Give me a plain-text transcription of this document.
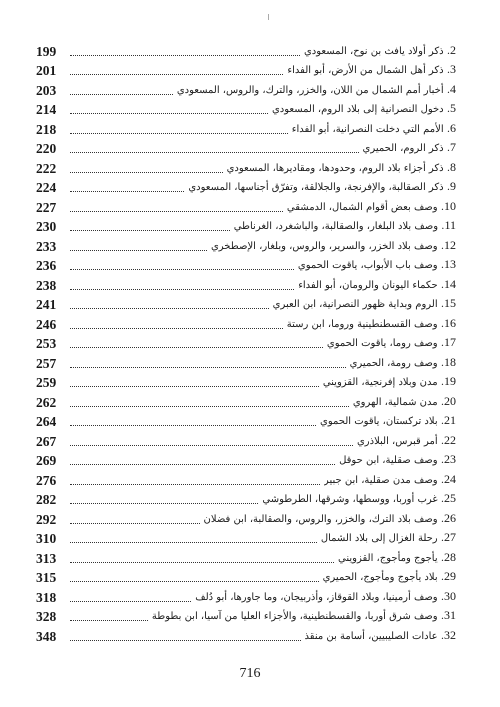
199	2. ذكر أولاد يافث بن نوح، المسعودي
201	3. ذكر أهل الشمال من الأرض، أبو الفداء
203	4. أخبار أمم الشمال من اللان، والخزر، والترك، والروس، المسعودي
214	5. دخول النصرانية إلى بلاد الروم، المسعودي
218	6. الأمم التي دخلت النصرانية، أبو الفداء
220	7. ذكر الروم، الحميري
222	8. ذكر أجزاء بلاد الروم، وحدودها، ومقاديرها، المسعودي
224	9. ذكر الصقالبة، والإفرنجة، والجلالقة، وتفرّق أجناسها، المسعودي
227	10. وصف بعض أقوام الشمال، الدمشقي
230	11. وصف بلاد البلغار، والصقالبة، والباشغرد، الغرناطي
233	12. وصف بلاد الخزر، والسرير، والروس، وبلغار، الإصطخري
236	13. وصف باب الأبواب، ياقوت الحموي
238	14. حكماء اليونان والرومان، أبو الفداء
241	15. الروم وبداية ظهور النصرانية، ابن العبري
246	16. وصف القسطنطينية وروما، ابن رستة
253	17. وصف روما، ياقوت الحموي
257	18. وصف رومة، الحميري
259	19. مدن وبلاد إفرنجية، القزويني
262	20. مدن شمالية، الهروي
264	21. بلاد تركستان، ياقوت الحموي
267	22. أمر قبرس، البلاذري
269	23. وصف صقلية، ابن حوقل
276	24. وصف مدن صقلية، ابن جبير
282	25. غرب أوربا، ووسطها، وشرقها، الطرطوشي
292	26. وصف بلاد الترك، والخزر، والروس، والصقالبة، ابن فضلان
310	27. رحلة الغزال إلى بلاد الشمال
313	28. يأجوج ومأجوج، القزويني
315	29. بلاد يأجوج ومأجوج، الحميري
318	30. وصف أرمينيا، وبلاد القوقاز، وأذربيجان، وما جاورها، أبو دُلف
328	31. وصف شرق أوربا، والقسطنطينية، والأجزاء العليا من آسيا، ابن بطوطة
348	32. عادات الصليبيين، أسامة بن منقذ
716
